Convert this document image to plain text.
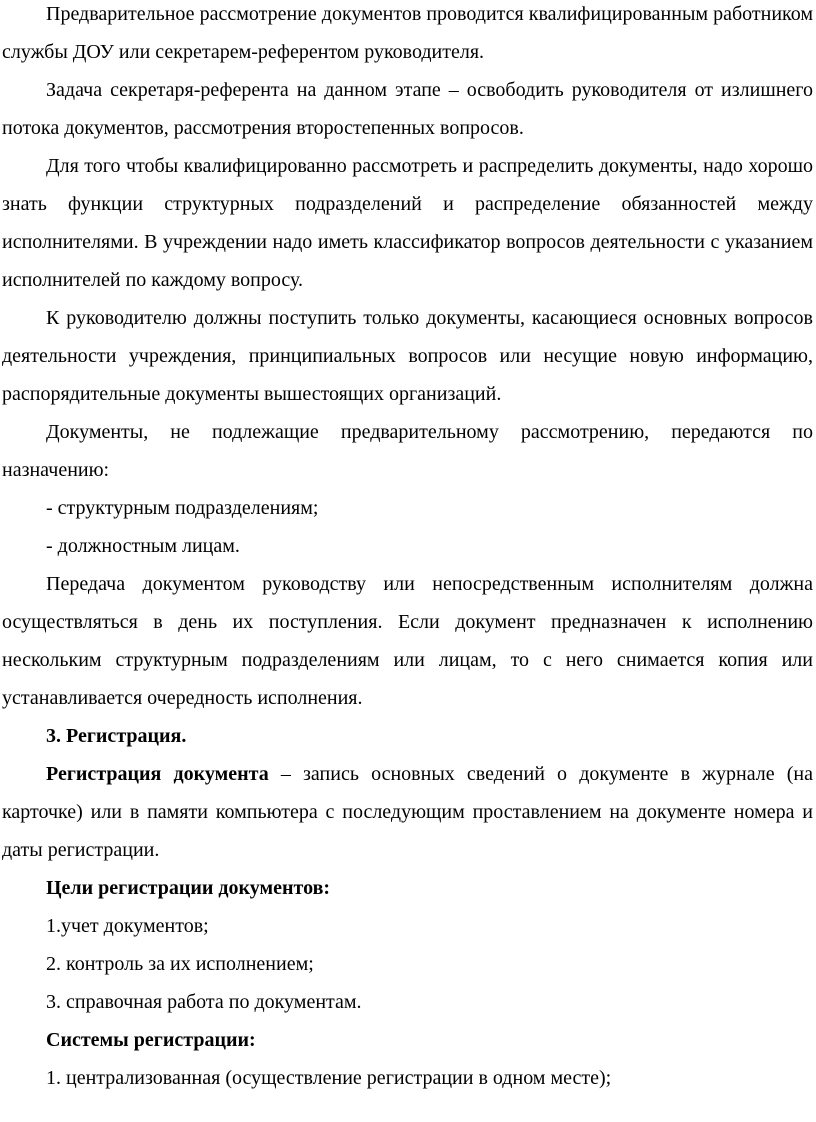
Предварительное рассмотрение документов проводится квалифицированным работником службы ДОУ или секретарем-референтом руководителя.

Задача секретаря-референта на данном этапе – освободить руководителя от излишнего потока документов, рассмотрения второстепенных вопросов.

Для того чтобы квалифицированно рассмотреть и распределить документы, надо хорошо знать функции структурных подразделений и распределение обязанностей между исполнителями. В учреждении надо иметь классификатор вопросов деятельности с указанием исполнителей по каждому вопросу.

К руководителю должны поступить только документы, касающиеся основных вопросов деятельности учреждения, принципиальных вопросов или несущие новую информацию, распорядительные документы вышестоящих организаций.

Документы, не подлежащие предварительному рассмотрению, передаются по назначению:

- структурным подразделениям;

- должностным лицам.

Передача документом руководству или непосредственным исполнителям должна осуществляться в день их поступления. Если документ предназначен к исполнению нескольким структурным подразделениям или лицам, то с него снимается копия или устанавливается очередность исполнения.

3. Регистрация.

Регистрация документа – запись основных сведений о документе в журнале (на карточке) или в памяти компьютера с последующим проставлением на документе номера и даты регистрации.

Цели регистрации документов:

1.учет документов;

2. контроль за их исполнением;

3. справочная работа по документам.

Системы регистрации:

1. централизованная (осуществление регистрации в одном месте);
